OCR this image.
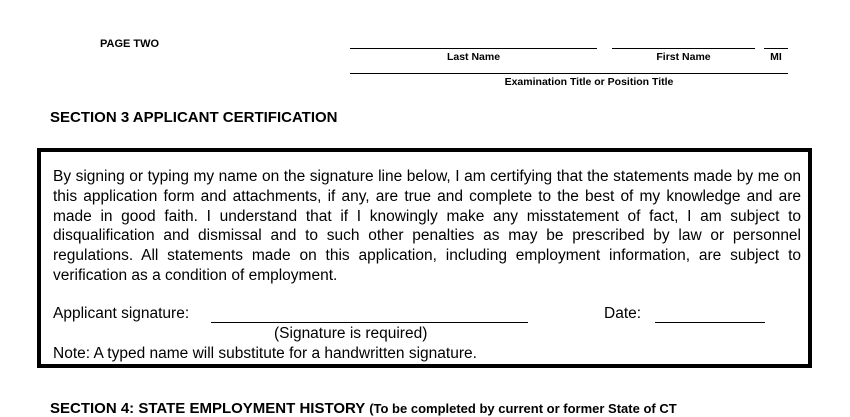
PAGE TWO
Last Name	First Name	MI
Examination Title or Position Title
SECTION 3 APPLICANT CERTIFICATION
By signing or typing my name on the signature line below, I am certifying that the statements made by me on this application form and attachments, if any, are true and complete to the best of my knowledge and are made in good faith. I understand that if I knowingly make any misstatement of fact, I am subject to disqualification and dismissal and to such other penalties as may be prescribed by law or personnel regulations. All statements made on this application, including employment information, are subject to verification as a condition of employment.
Applicant signature:	Date:
(Signature is required)
Note: A typed name will substitute for a handwritten signature.
SECTION 4: STATE EMPLOYMENT HISTORY (To be completed by current or former State of CT
